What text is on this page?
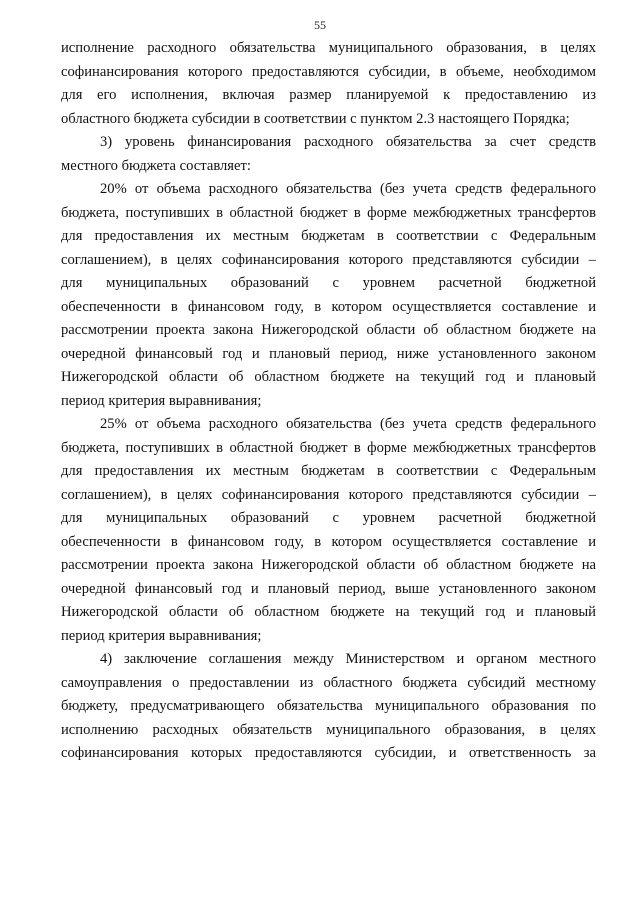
55
исполнение расходного обязательства муниципального образования, в целях
софинансирования которого предоставляются субсидии, в объеме, необходимом
для его исполнения, включая размер планируемой к предоставлению из
областного бюджета субсидии в соответствии с пунктом 2.3 настоящего Порядка;
3) уровень финансирования расходного обязательства за счет средств
местного бюджета составляет:
20% от объема расходного обязательства (без учета средств федерального
бюджета, поступивших в областной бюджет в форме межбюджетных трансфертов
для предоставления их местным бюджетам в соответствии с Федеральным
соглашением), в целях софинансирования которого представляются субсидии –
для муниципальных образований с уровнем расчетной бюджетной
обеспеченности в финансовом году, в котором осуществляется составление и
рассмотрении проекта закона Нижегородской области об областном бюджете на
очередной финансовый год и плановый период, ниже установленного законом
Нижегородской области об областном бюджете на текущий год и плановый
период критерия выравнивания;
25% от объема расходного обязательства (без учета средств федерального
бюджета, поступивших в областной бюджет в форме межбюджетных трансфертов
для предоставления их местным бюджетам в соответствии с Федеральным
соглашением), в целях софинансирования которого представляются субсидии –
для муниципальных образований с уровнем расчетной бюджетной
обеспеченности в финансовом году, в котором осуществляется составление и
рассмотрении проекта закона Нижегородской области об областном бюджете на
очередной финансовый год и плановый период, выше установленного законом
Нижегородской области об областном бюджете на текущий год и плановый
период критерия выравнивания;
4) заключение соглашения между Министерством и органом местного
самоуправления о предоставлении из областного бюджета субсидий местному
бюджету, предусматривающего обязательства муниципального образования по
исполнению расходных обязательств муниципального образования, в целях
софинансирования которых предоставляются субсидии, и ответственность за
